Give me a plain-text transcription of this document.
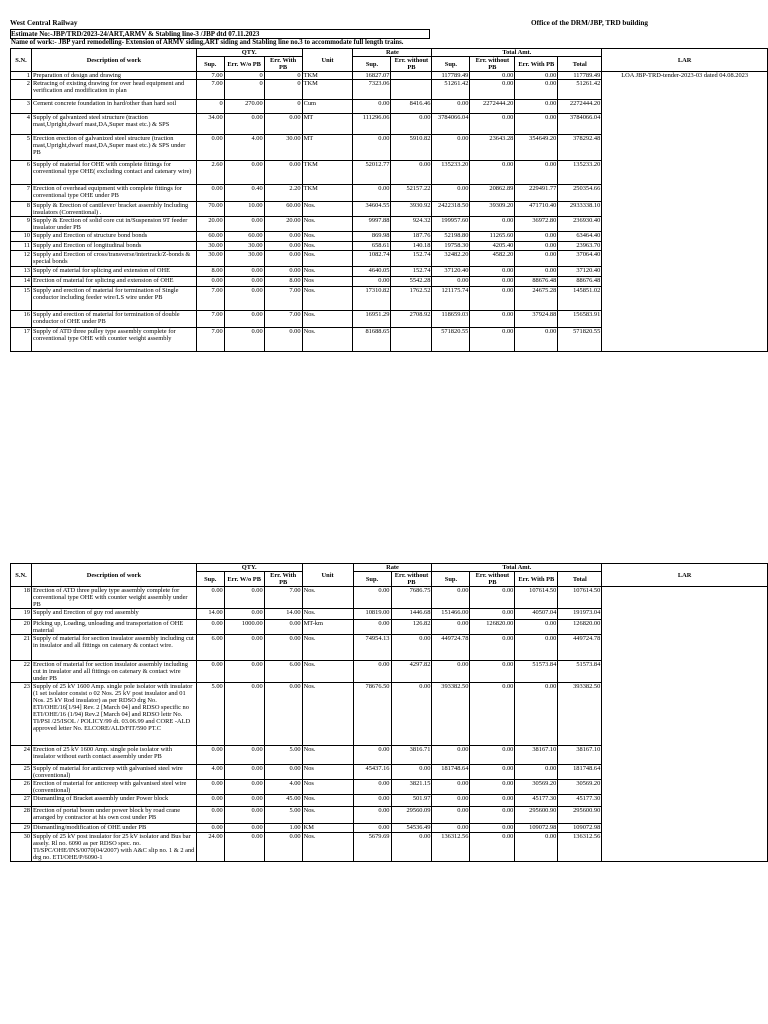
West Central Railway	Office of the DRM/JBP, TRD building
Estimate No:-JBP/TRD/2023-24/ART,ARMV & Stabling line-3 /JBP dtd 07.11.2023
Name of work:- JBP yard remodelling- Extension of ARMV siding,ART siding and Stabling line no.3 to accommodate full length trains.
S.N.	Description of work	QTY.			Unit	Rate		Total Amt.				LAR
		Sup.	Err. W/o PB	Err. With PB		Sup.	Err. without PB	Sup.	Err. without PB	Err. With PB	Total	
1	Preparation of design and drawing	7.00	0	0	TKM	16827.07		117789.49	0.00	0.00	117789.49	LOA JBP-TRD-tender-2023-03 dated 04.08.2023
2	Retracing of existing drawing for over head equipment and verification and modification in plan	7.00	0	0	TKM	7323.06		51261.42	0.00	0.00	51261.42	
3	Cement concrete foundation in hard/other than hard soil	0	270.00	0	Cum	0.00	8416.46	0.00	2272444.20	0.00	2272444.20	
4	Supply of galvanized steel structure (traction mast,Upright,dwarf mast,DA,Super mast etc.) & SPS	34.00	0.00	0.00	MT	111296.06	0.00	3784066.04	0.00	0.00	3784066.04	
5	Erection erection of galvanized steel structure (traction mast,Upright,dwarf mast,DA,Super mast etc.) & SPS under PB	0.00	4.00	30.00	MT	0.00	5910.82	0.00	23643.28	354649.20	378292.48	
6	Supply of material for OHE with complete fittings for conventional type OHE( excluding contact and catenary wire)	2.60	0.00	0.00	TKM	52012.77	0.00	135233.20	0.00	0.00	135233.20	
7	Erection of overhead equipment with complete fittings for conventional type OHE under PB	0.00	0.40	2.20	TKM	0.00	52157.22	0.00	20862.89	229491.77	250354.66	
8	Supply & Erection of cantilever/ bracket assembly Including insulators (Conventional) .	70.00	10.00	60.00	Nos.	34604.55	3930.92	2422318.50	39309.20	471710.40	2933338.10	
9	Supply & Erection of solid core cut in/Suspension 9T feeder insulator under PB	20.00	0.00	20.00	Nos.	9997.88	924.32	199957.60	0.00	36972.80	236930.40	
10	Supply and Erection of structure bond bonds	60.00	60.00	0.00	Nos.	869.98	187.76	52198.80	11265.60	0.00	63464.40	
11	Supply and Erection of longitudinal bonds	30.00	30.00	0.00	Nos.	658.61	140.18	19758.30	4205.40	0.00	23963.70	
12	Supply and Erection of cross/transverse/intertrack/Z-bonds & special bonds	30.00	30.00	0.00	Nos.	1082.74	152.74	32482.20	4582.20	0.00	37064.40	
13	Supply of material for splicing and extension of OHE	8.00	0.00	0.00	Nos.	4640.05	152.74	37120.40	0.00	0.00	37120.40	
14	Erection of material for splicing and extension of OHE	0.00	0.00	8.00	Nos	0.00	5542.28	0.00	0.00	88676.48	88676.48	
15	Supply and erection of material for termination of Single conductor including feeder wire/LS wire under PB	7.00	0.00	7.00	Nos.	17310.82	1762.52	121175.74	0.00	24675.28	145851.02	
16	Supply and erection of material for termination of double conductor of OHE under PB	7.00	0.00	7.00	Nos.	16951.29	2708.92	118659.03	0.00	37924.88	156583.91	
17	Supply of ATD three pulley type assembly complete for conventional type OHE with counter weight assembly	7.00	0.00	0.00	Nos.	81688.65		571820.55	0.00	0.00	571820.55	
S.N.	Description of work	QTY.			Unit	Rate		Total Amt.				LAR
		Sup.	Err. W/o PB	Err. With PB		Sup.	Err. without PB	Sup.	Err. without PB	Err. With PB	Total	
18	Erection of ATD three pulley type assembly complete for conventional type OHE with counter weight assembly under PB	0.00	0.00	7.00	Nos.	0.00	7686.75	0.00	0.00	107614.50	107614.50	
19	Supply and Erection of guy rod assembly	14.00	0.00	14.00	Nos.	10819.00	1446.68	151466.00	0.00	40507.04	191973.04	
20	Picking up, Loading, unloading and transportation of OHE material	0.00	1000.00	0.00	MT-km	0.00	126.82	0.00	126820.00	0.00	126820.00	
21	Supply of material for section insulator assembly including cut in insulator and all fittings on catenary & contact wire.	6.00	0.00	0.00	Nos.	74954.13	0.00	449724.78	0.00	0.00	449724.78	
22	Erection of material for section insulator assembly including cut in insulator and all fittings on catenary & contact wire under PB	0.00	0.00	6.00	Nos.	0.00	4297.82	0.00	0.00	51573.84	51573.84	
23	Supply of 25 kV 1600 Amp. single pole isolator with insulator (1 set isolator consist o 02 Nos. 25 kV post insulator and 01 Nos. 25 kV Rod insulator) as per RDSO drg No. ETI/OHE/16[1/94] Rev. 2 [March 04] and RDSO specific no ETI/OHE/16 (1/94) Rev.2 [March 04] and RDSO lettr No. TI/PSI /25/ISOL / POLICY/99 dt. 03.06.99 and CORE -ALD approved letter No. ELCORE/ALD/FIT/590 PT.C	5.00	0.00	0.00	Nos.	78676.50	0.00	393382.50	0.00	0.00	393382.50	
24	Erection of 25 kV 1600 Amp. single pole isolator with insulator without earth contact assembly under PB	0.00	0.00	5.00	Nos.	0.00	3816.71	0.00	0.00	38167.10	38167.10	
25	Supply of material for anticreep with galvanised steel wire (conventional)	4.00	0.00	0.00	Nos	45437.16	0.00	181748.64	0.00	0.00	181748.64	
26	Erection of material for anticreep with galvanised steel wire (conventional)	0.00	0.00	4.00	Nos	0.00	3821.15	0.00	0.00	30569.20	30569.20	
27	Dismantling of Bracket assembly under Power block	0.00	0.00	45.00	Nos.	0.00	501.97	0.00	0.00	45177.30	45177.30	
28	Erection of portal boom under power block by road crane arranged by contractor at his own cost under PB	0.00	0.00	5.00	Nos.	0.00	29560.09	0.00	0.00	295600.90	295600.90	
29	Dismantling/modification of OHE under PB	0.00	0.00	1.00	KM	0.00	54536.49	0.00	0.00	109072.98	109072.98	
30	Supply of 25 kV post insulator for 25 kV isolator and Bus bar assely. Rl no. 6090 as per RDSO spec. no. TI/SPC/OHE/INS/0070(04/2007) with A&C slip no. 1 & 2 and drg no. ETI/OHE/P/6090-1	24.00	0.00	0.00	Nos.	5679.69	0.00	136312.56	0.00	0.00	136312.56	
